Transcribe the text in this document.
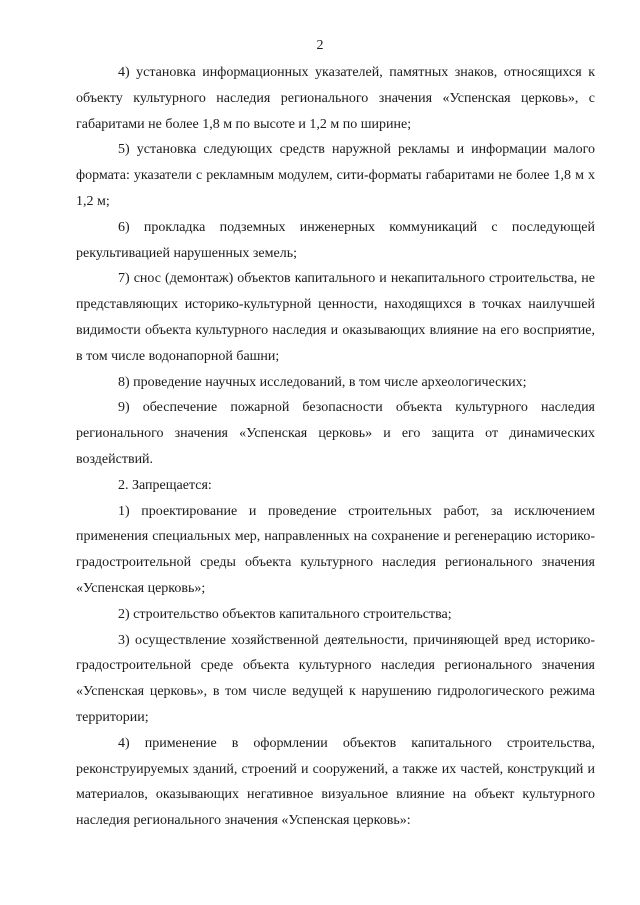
2

4) установка информационных указателей, памятных знаков, относящихся к объекту культурного наследия регионального значения «Успенская церковь», с габаритами не более 1,8 м по высоте и 1,2 м по ширине;

5) установка следующих средств наружной рекламы и информации малого формата: указатели с рекламным модулем, сити-форматы габаритами не более 1,8 м х 1,2 м;

6) прокладка подземных инженерных коммуникаций с последующей рекультивацией нарушенных земель;

7) снос (демонтаж) объектов капитального и некапитального строительства, не представляющих историко-культурной ценности, находящихся в точках наилучшей видимости объекта культурного наследия и оказывающих влияние на его восприятие, в том числе водонапорной башни;

8) проведение научных исследований, в том числе археологических;

9) обеспечение пожарной безопасности объекта культурного наследия регионального значения «Успенская церковь» и его защита от динамических воздействий.

2. Запрещается:

1) проектирование и проведение строительных работ, за исключением применения специальных мер, направленных на сохранение и регенерацию историко-градостроительной среды объекта культурного наследия регионального значения «Успенская церковь»;

2) строительство объектов капитального строительства;

3) осуществление хозяйственной деятельности, причиняющей вред историко-градостроительной среде объекта культурного наследия регионального значения «Успенская церковь», в том числе ведущей к нарушению гидрологического режима территории;

4) применение в оформлении объектов капитального строительства, реконструируемых зданий, строений и сооружений, а также их частей, конструкций и материалов, оказывающих негативное визуальное влияние на объект культурного наследия регионального значения «Успенская церковь»:
